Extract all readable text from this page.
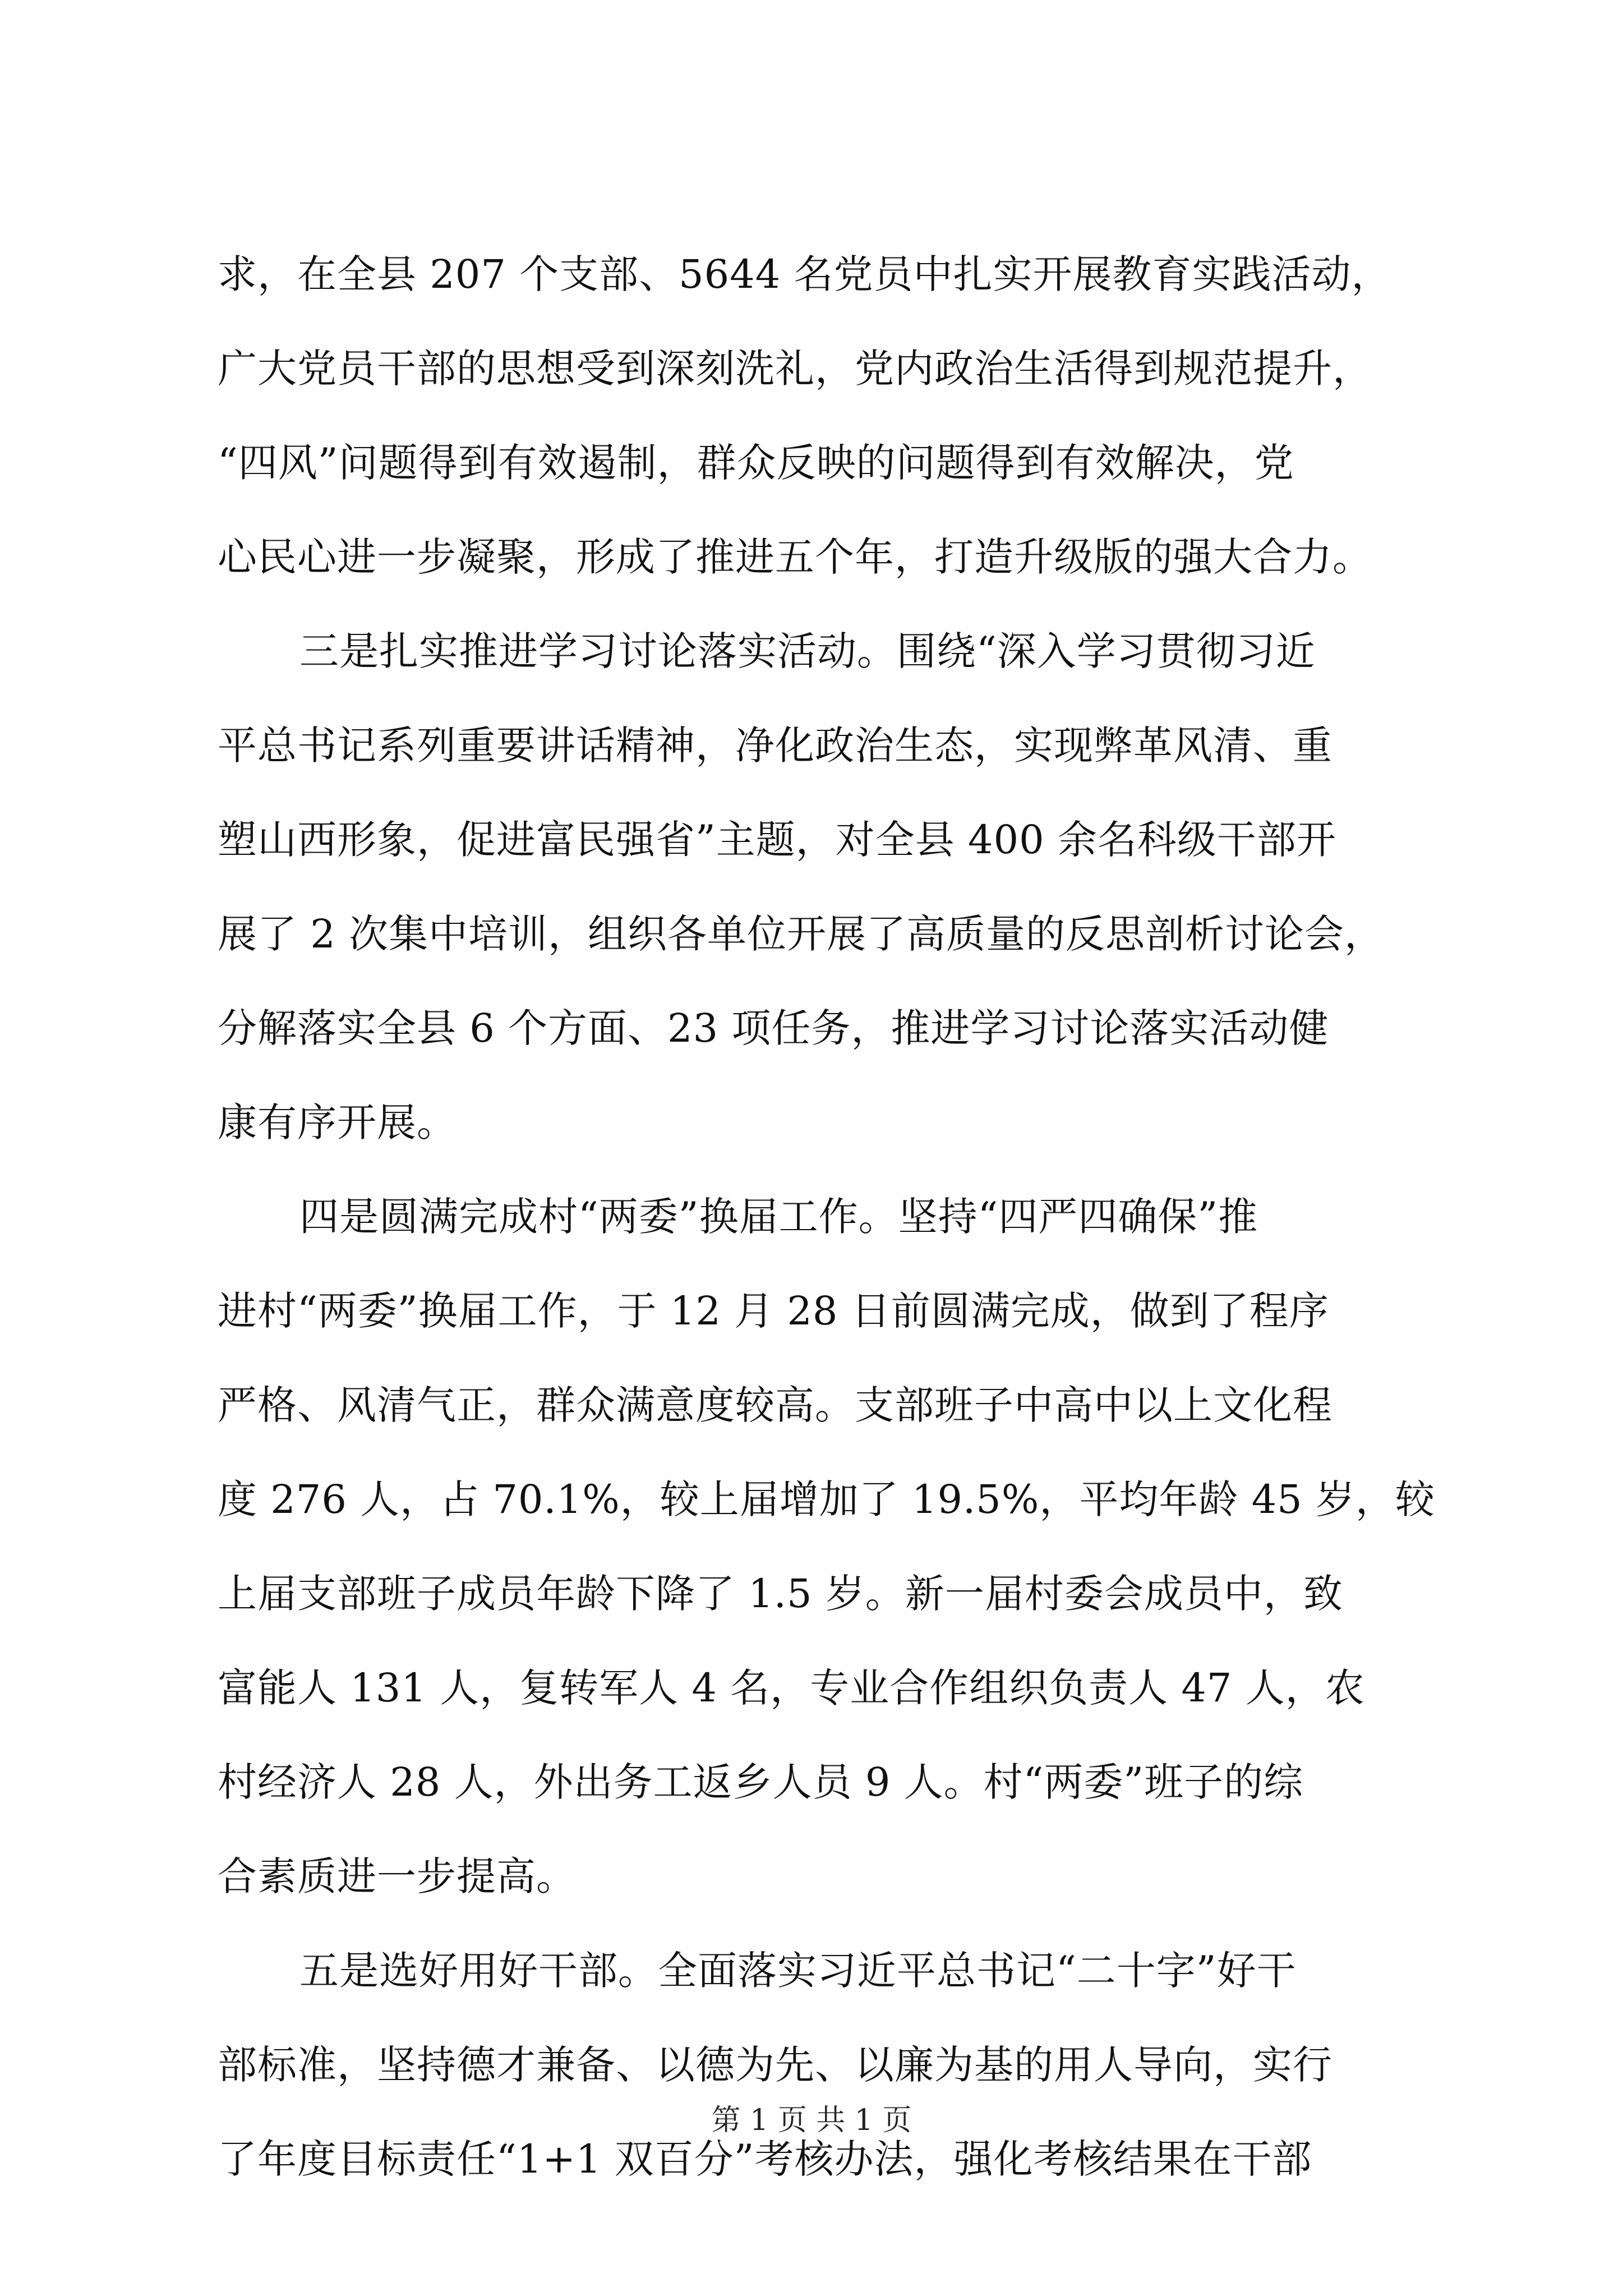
求，在全县 207 个支部、5644 名党员中扎实开展教育实践活动，
广大党员干部的思想受到深刻洗礼，党内政治生活得到规范提升，
“四风”问题得到有效遏制，群众反映的问题得到有效解决，党
心民心进一步凝聚，形成了推进五个年，打造升级版的强大合力。
三是扎实推进学习讨论落实活动。围绕“深入学习贯彻习近
平总书记系列重要讲话精神，净化政治生态，实现弊革风清、重
塑山西形象，促进富民强省”主题，对全县 400 余名科级干部开
展了 2 次集中培训，组织各单位开展了高质量的反思剖析讨论会，
分解落实全县 6 个方面、23 项任务，推进学习讨论落实活动健
康有序开展。
四是圆满完成村“两委”换届工作。坚持“四严四确保”推
进村“两委”换届工作，于 12 月 28 日前圆满完成，做到了程序
严格、风清气正，群众满意度较高。支部班子中高中以上文化程
度 276 人，占 70.1%，较上届增加了 19.5%，平均年龄 45 岁，较
上届支部班子成员年龄下降了 1.5 岁。新一届村委会成员中，致
富能人 131 人，复转军人 4 名，专业合作组织负责人 47 人，农
村经济人 28 人，外出务工返乡人员 9 人。村“两委”班子的综
合素质进一步提高。
五是选好用好干部。全面落实习近平总书记“二十字”好干
部标准，坚持德才兼备、以德为先、以廉为基的用人导向，实行
了年度目标责任“1+1 双百分”考核办法，强化考核结果在干部
第 1 页 共 1 页
